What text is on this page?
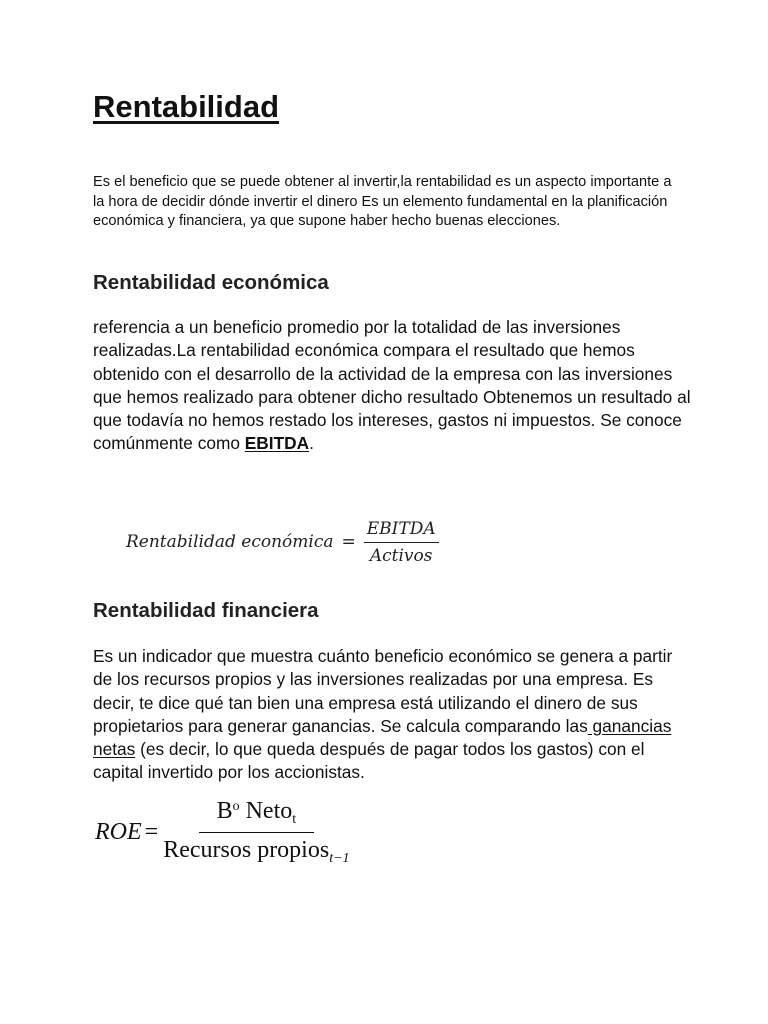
Rentabilidad

Es el beneficio que se puede obtener al invertir,la rentabilidad es un aspecto importante a la hora de decidir dónde invertir el dinero Es un elemento fundamental en la planificación económica y financiera, ya que supone haber hecho buenas elecciones.

Rentabilidad económica

referencia a un beneficio promedio por la totalidad de las inversiones realizadas.La rentabilidad económica compara el resultado que hemos obtenido con el desarrollo de la actividad de la empresa con las inversiones que hemos realizado para obtener dicho resultado Obtenemos un resultado al que todavía no hemos restado los intereses, gastos ni impuestos. Se conoce comúnmente como EBITDA.

Rentabilidad económica = $\frac{\text{EBITDA}}{\text{Activos}}$
Rentabilidad financiera

Es un indicador que muestra cuánto beneficio económico se genera a partir de los recursos propios y las inversiones realizadas por una empresa. Es decir, te dice qué tan bien una empresa está utilizando el dinero de sus propietarios para generar ganancias. Se calcula comparando las ganancias netas (es decir, lo que queda después de pagar todos los gastos) con el capital invertido por los accionistas.

ROE = $\frac{B^o Neto_t}{Recursos propios_{t-1}}$
